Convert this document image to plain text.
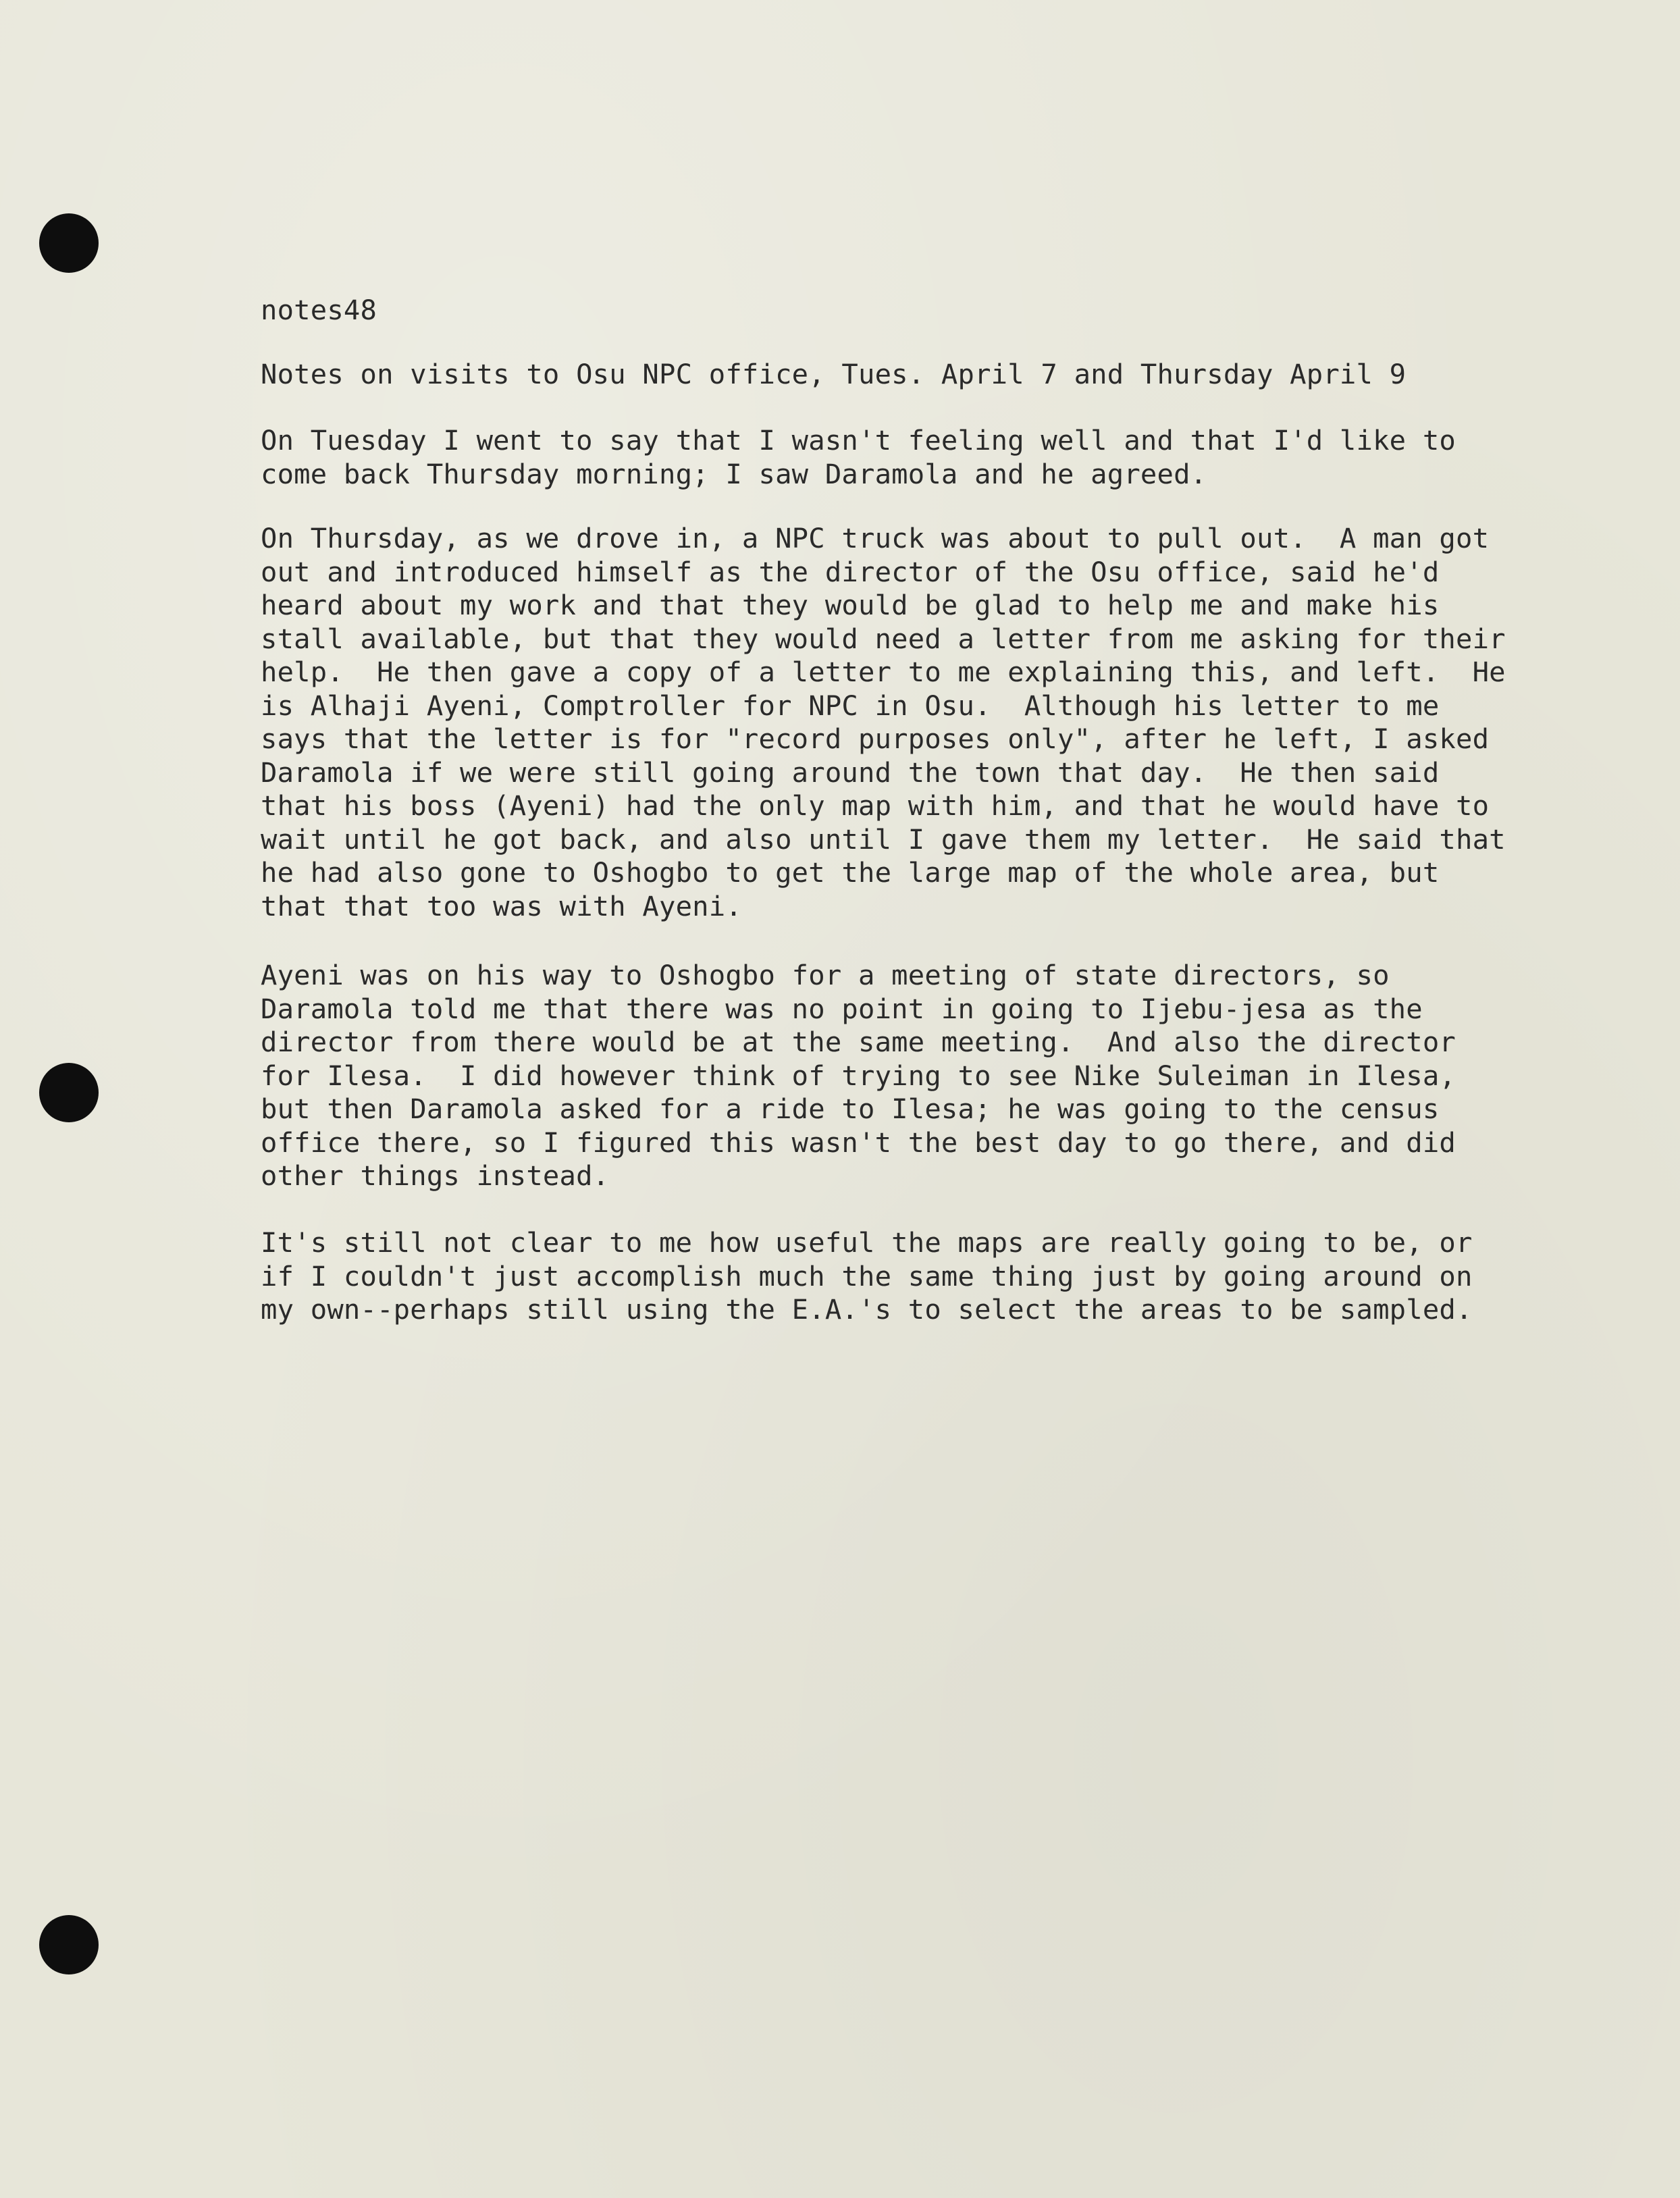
notes48
Notes on visits to Osu NPC office, Tues. April 7 and Thursday April 9
On Tuesday I went to say that I wasn't feeling well and that I'd like to
come back Thursday morning; I saw Daramola and he agreed.
On Thursday, as we drove in, a NPC truck was about to pull out.  A man got
out and introduced himself as the director of the Osu office, said he'd
heard about my work and that they would be glad to help me and make his
stall available, but that they would need a letter from me asking for their
help.  He then gave a copy of a letter to me explaining this, and left.  He
is Alhaji Ayeni, Comptroller for NPC in Osu.  Although his letter to me
says that the letter is for "record purposes only", after he left, I asked
Daramola if we were still going around the town that day.  He then said
that his boss (Ayeni) had the only map with him, and that he would have to
wait until he got back, and also until I gave them my letter.  He said that
he had also gone to Oshogbo to get the large map of the whole area, but
that that too was with Ayeni.
Ayeni was on his way to Oshogbo for a meeting of state directors, so
Daramola told me that there was no point in going to Ijebu-jesa as the
director from there would be at the same meeting.  And also the director
for Ilesa.  I did however think of trying to see Nike Suleiman in Ilesa,
but then Daramola asked for a ride to Ilesa; he was going to the census
office there, so I figured this wasn't the best day to go there, and did
other things instead.
It's still not clear to me how useful the maps are really going to be, or
if I couldn't just accomplish much the same thing just by going around on
my own--perhaps still using the E.A.'s to select the areas to be sampled.
